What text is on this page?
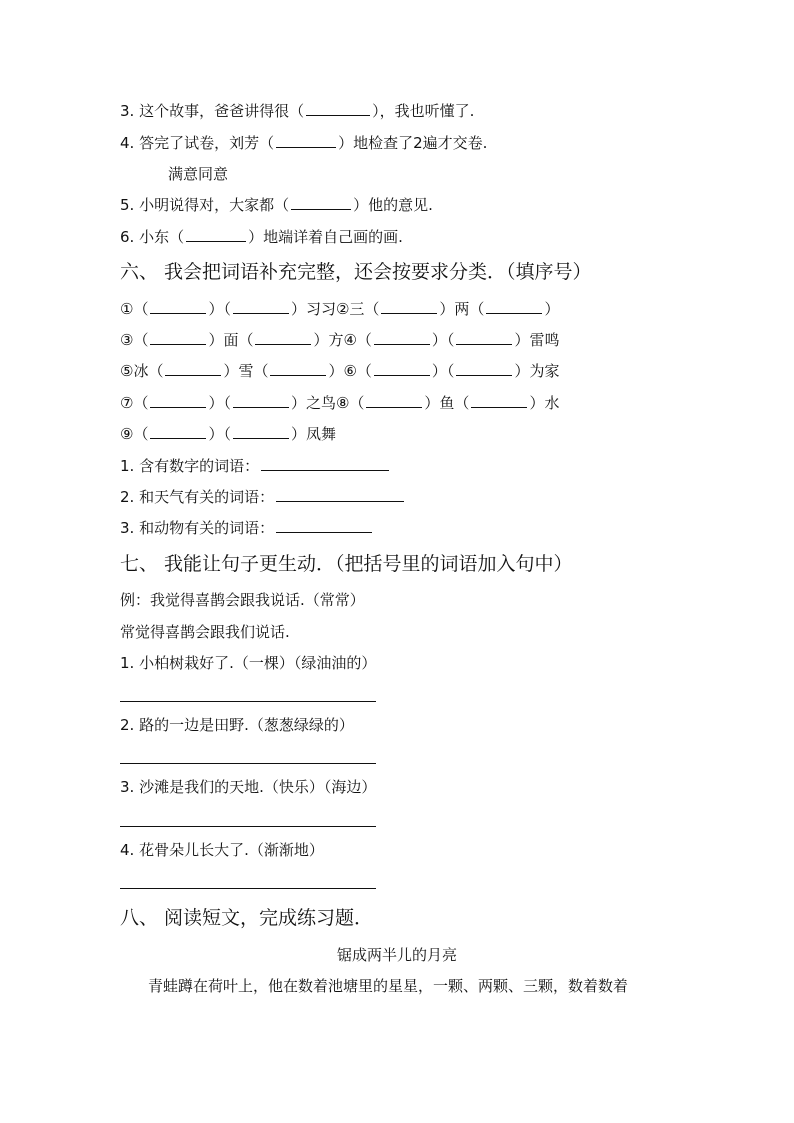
3. 这个故事，爸爸讲得很（	），我也听懂了.
4. 答完了试卷，刘芳（	）地检查了2遍才交卷.
满意同意
5. 小明说得对，大家都（	）他的意见.
6. 小东（	）地端详着自己画的画.
六、 我会把词语补充完整，还会按要求分类．（填序号）
①（	）（	）习习②三（	）两（	）
③（	）面（	）方④（	）（	）雷鸣
⑤冰（	）雪（	）⑥（	）（	）为家
⑦（	）（	）之鸟⑧（	）鱼（	）水
⑨（	）（	）凤舞
1. 含有数字的词语：
2. 和天气有关的词语：
3. 和动物有关的词语：
七、 我能让句子更生动．（把括号里的词语加入句中）
例：我觉得喜鹊会跟我说话.（常常）
常觉得喜鹊会跟我们说话.
1. 小柏树栽好了.（一棵）（绿油油的）
2. 路的一边是田野.（葱葱绿绿的）
3. 沙滩是我们的天地.（快乐）（海边）
4. 花骨朵儿长大了.（渐渐地）
八、 阅读短文，完成练习题．
锯成两半儿的月亮
青蛙蹲在荷叶上，他在数着池塘里的星星，一颗、两颗、三颗，数着数着
